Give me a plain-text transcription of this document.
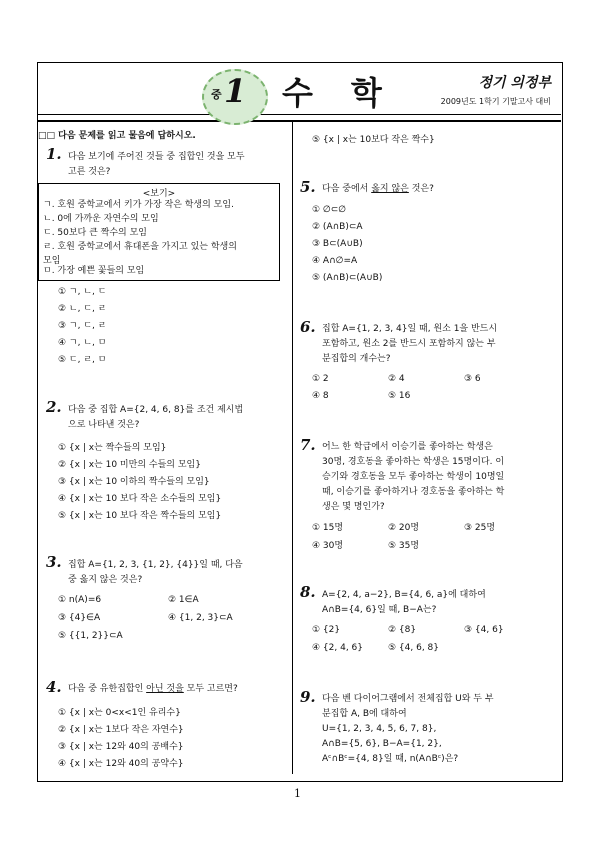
중 1 수학	정기 의정부
2009년도 1학기 기말고사 대비
□□ 다음 문제를 읽고 물음에 답하시오.
1. 다음 보기에 주어진 것들 중 집합인 것을 모두
고른 것은?
<보기>
ㄱ. 호원 중학교에서 키가 가장 작은 학생의 모임.
ㄴ. 0에 가까운 자연수의 모임
ㄷ. 50보다 큰 짝수의 모임
ㄹ. 호원 중학교에서 휴대폰을 가지고 있는 학생의
모임
ㅁ. 가장 예쁜 꽃들의 모임
① ㄱ, ㄴ, ㄷ
② ㄴ, ㄷ, ㄹ
③ ㄱ, ㄷ, ㄹ
④ ㄱ, ㄴ, ㅁ
⑤ ㄷ, ㄹ, ㅁ
2. 다음 중 집합 A={2, 4, 6, 8}를 조건 제시법
으로 나타낸 것은?
① {x | x는 짝수들의 모임}
② {x | x는 10 미만의 수들의 모임}
③ {x | x는 10 이하의 짝수들의 모임}
④ {x | x는 10 보다 작은 소수들의 모임}
⑤ {x | x는 10 보다 작은 짝수들의 모임}
3. 집합 A={1, 2, 3, {1, 2}, {4}}일 때, 다음
중 옳지 않은 것은?
① n(A)=6	② 1∈A
③ {4}∈A	④ {1, 2, 3}⊂A
⑤ {{1, 2}}⊂A
4. 다음 중 유한집합인 아닌 것을 모두 고르면?
① {x | x는 0<x<1인 유리수}
② {x | x는 1보다 작은 자연수}
③ {x | x는 12와 40의 공배수}
④ {x | x는 12와 40의 공약수}
⑤ {x | x는 10보다 작은 짝수}
5. 다음 중에서 옳지 않은 것은?
① ∅⊂∅
② (A∩B)⊂A
③ B⊂(A∪B)
④ A∩∅=A
⑤ (A∩B)⊂(A∪B)
6. 집합 A={1, 2, 3, 4}일 때, 원소 1을 반드시
포함하고, 원소 2를 반드시 포함하지 않는 부
분집합의 개수는?
① 2	② 4	③ 6
④ 8	⑤ 16
7. 어느 한 학급에서 이승기를 좋아하는 학생은
30명, 경호동을 좋아하는 학생은 15명이다. 이
승기와 경호동을 모두 좋아하는 학생이 10명일
때, 이승기를 좋아하거나 경호동을 좋아하는 학
생은 몇 명인가?
① 15명	② 20명	③ 25명
④ 30명	⑤ 35명
8. A={2, 4, a−2}, B={4, 6, a}에 대하여
A∩B={4, 6}일 때, B−A는?
① {2}	② {8}	③ {4, 6}
④ {2, 4, 6}	⑤ {4, 6, 8}
9. 다음 벤 다이어그램에서 전체집합 U와 두 부
분집합 A, B에 대하여
U={1, 2, 3, 4, 5, 6, 7, 8},
A∩B={5, 6}, B−A={1, 2},
Aᶜ∩Bᶜ={4, 8}일 때, n(A∩Bᶜ)은?
1
